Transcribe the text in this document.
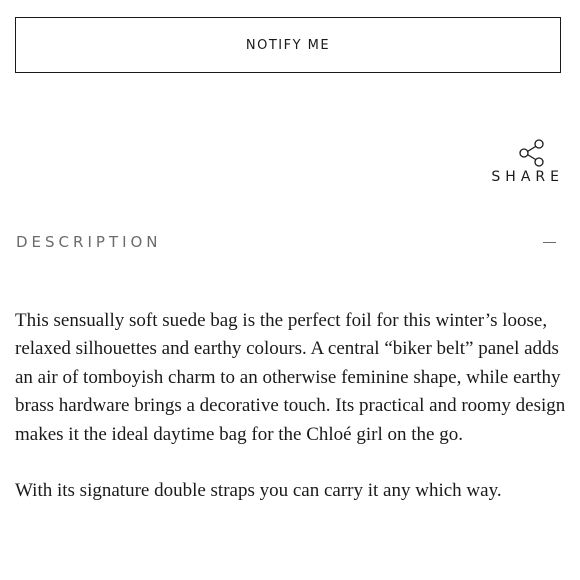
NOTIFY ME
SHARE
DESCRIPTION

This sensually soft suede bag is the perfect foil for this winter’s loose, relaxed silhouettes and earthy colours. A central “biker belt” panel adds an air of tomboyish charm to an otherwise feminine shape, while earthy brass hardware brings a decorative touch. Its practical and roomy design makes it the ideal daytime bag for the Chloé girl on the go.

With its signature double straps you can carry it any which way.
